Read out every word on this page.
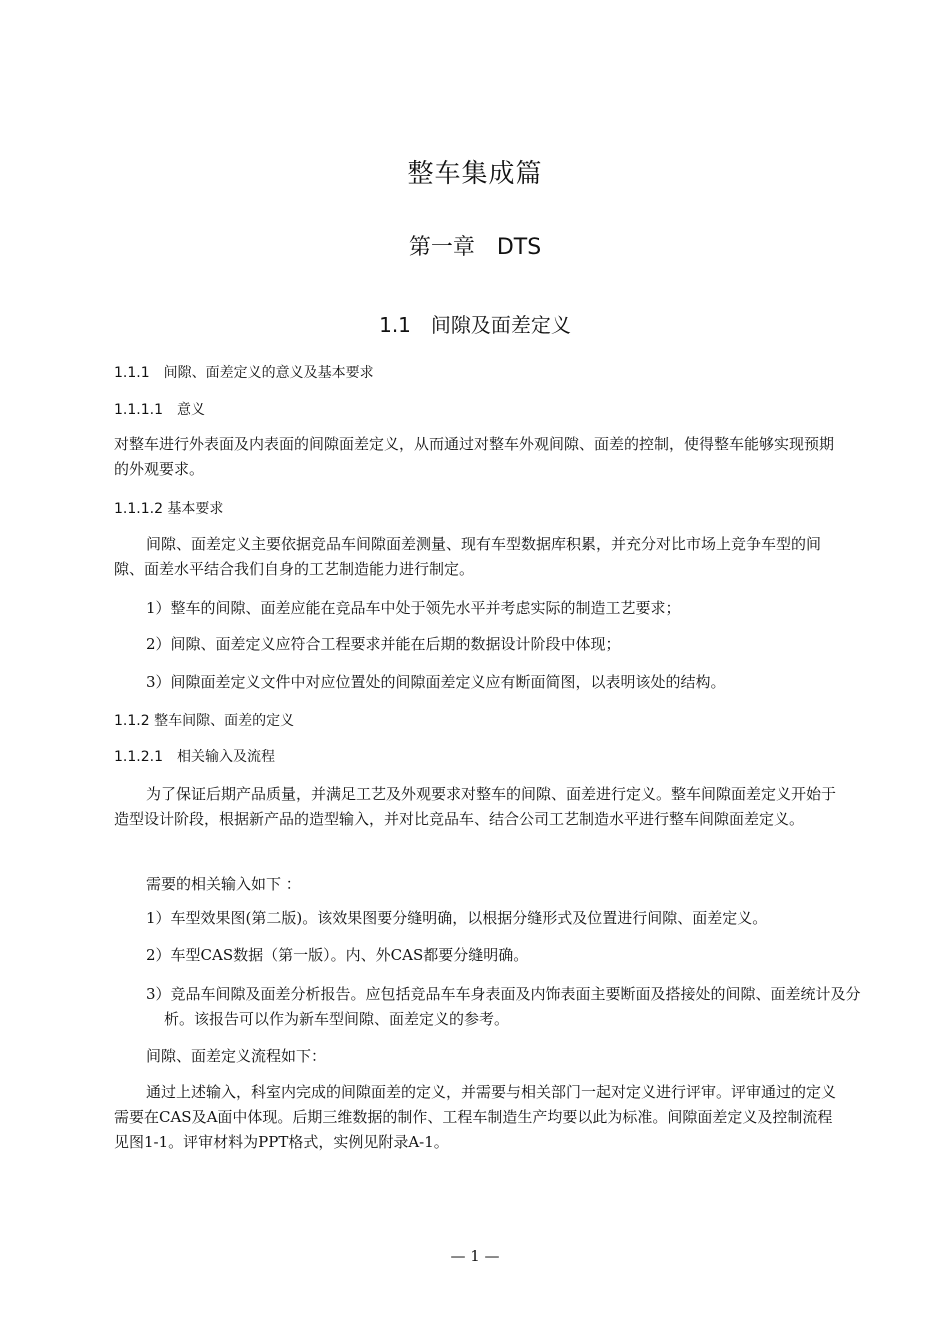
整车集成篇
第一章　DTS
1.1　间隙及面差定义
1.1.1　间隙、面差定义的意义及基本要求
1.1.1.1　意义

对整车进行外表面及内表面的间隙面差定义，从而通过对整车外观间隙、面差的控制，使得整车能够实现预期的外观要求。

1.1.1.2 基本要求

间隙、面差定义主要依据竞品车间隙面差测量、现有车型数据库积累，并充分对比市场上竞争车型的间隙、面差水平结合我们自身的工艺制造能力进行制定。

1）整车的间隙、面差应能在竞品车中处于领先水平并考虑实际的制造工艺要求；

2）间隙、面差定义应符合工程要求并能在后期的数据设计阶段中体现；

3）间隙面差定义文件中对应位置处的间隙面差定义应有断面简图，以表明该处的结构。

1.1.2 整车间隙、面差的定义
1.1.2.1　相关输入及流程

为了保证后期产品质量，并满足工艺及外观要求对整车的间隙、面差进行定义。整车间隙面差定义开始于造型设计阶段，根据新产品的造型输入，并对比竞品车、结合公司工艺制造水平进行整车间隙面差定义。

需要的相关输入如下 ：

1）车型效果图(第二版)。该效果图要分缝明确，以根据分缝形式及位置进行间隙、面差定义。

2）车型CAS数据（第一版）。内、外CAS都要分缝明确。

3）竞品车间隙及面差分析报告。应包括竞品车车身表面及内饰表面主要断面及搭接处的间隙、面差统计及分析。该报告可以作为新车型间隙、面差定义的参考。

间隙、面差定义流程如下：

通过上述输入，科室内完成的间隙面差的定义，并需要与相关部门一起对定义进行评审。评审通过的定义需要在CAS及A面中体现。后期三维数据的制作、工程车制造生产均要以此为标准。间隙面差定义及控制流程见图1-1。评审材料为PPT格式，实例见附录A-1。

— 1 —
